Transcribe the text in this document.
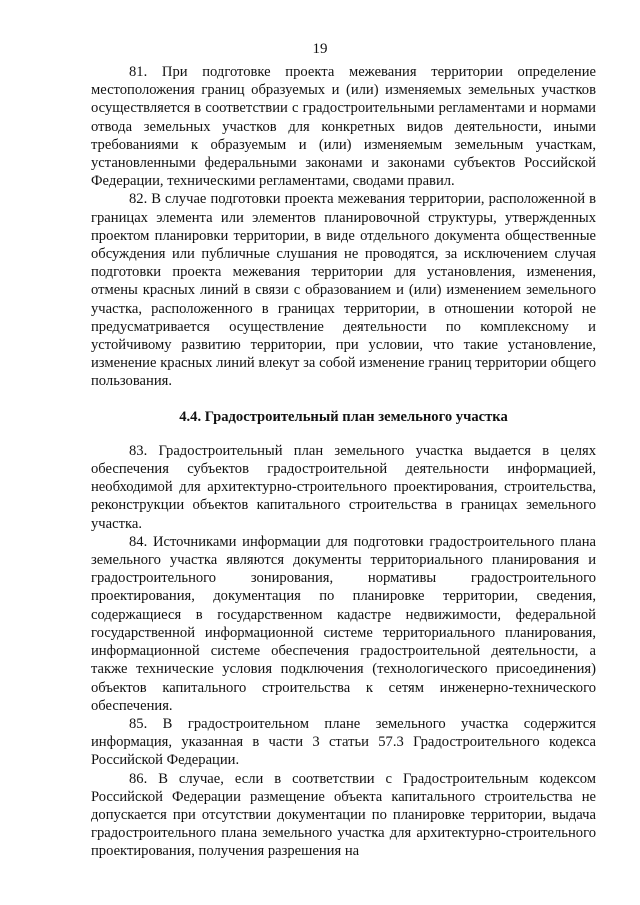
19

81. При подготовке проекта межевания территории определение местоположения границ образуемых и (или) изменяемых земельных участков осуществляется в соответствии с градостроительными регламентами и нормами отвода земельных участков для конкретных видов деятельности, иными требованиями к образуемым и (или) изменяемым земельным участкам, установленными федеральными законами и законами субъектов Российской Федерации, техническими регламентами, сводами правил.

82. В случае подготовки проекта межевания территории, расположенной в границах элемента или элементов планировочной структуры, утвержденных проектом планировки территории, в виде отдельного документа общественные обсуждения или публичные слушания не проводятся, за исключением случая подготовки проекта межевания территории для установления, изменения, отмены красных линий в связи с образованием и (или) изменением земельного участка, расположенного в границах территории, в отношении которой не предусматривается осуществление деятельности по комплексному и устойчивому развитию территории, при условии, что такие установление, изменение красных линий влекут за собой изменение границ территории общего пользования.

4.4. Градостроительный план земельного участка

83. Градостроительный план земельного участка выдается в целях обеспечения субъектов градостроительной деятельности информацией, необходимой для архитектурно-строительного проектирования, строительства, реконструкции объектов капитального строительства в границах земельного участка.

84. Источниками информации для подготовки градостроительного плана земельного участка являются документы территориального планирования и градостроительного зонирования, нормативы градостроительного проектирования, документация по планировке территории, сведения, содержащиеся в государственном кадастре недвижимости, федеральной государственной информационной системе территориального планирования, информационной системе обеспечения градостроительной деятельности, а также технические условия подключения (технологического присоединения) объектов капитального строительства к сетям инженерно-технического обеспечения.

85. В градостроительном плане земельного участка содержится информация, указанная в части 3 статьи 57.3 Градостроительного кодекса Российской Федерации.

86. В случае, если в соответствии с Градостроительным кодексом Российской Федерации размещение объекта капитального строительства не допускается при отсутствии документации по планировке территории, выдача градостроительного плана земельного участка для архитектурно-строительного проектирования, получения разрешения на
